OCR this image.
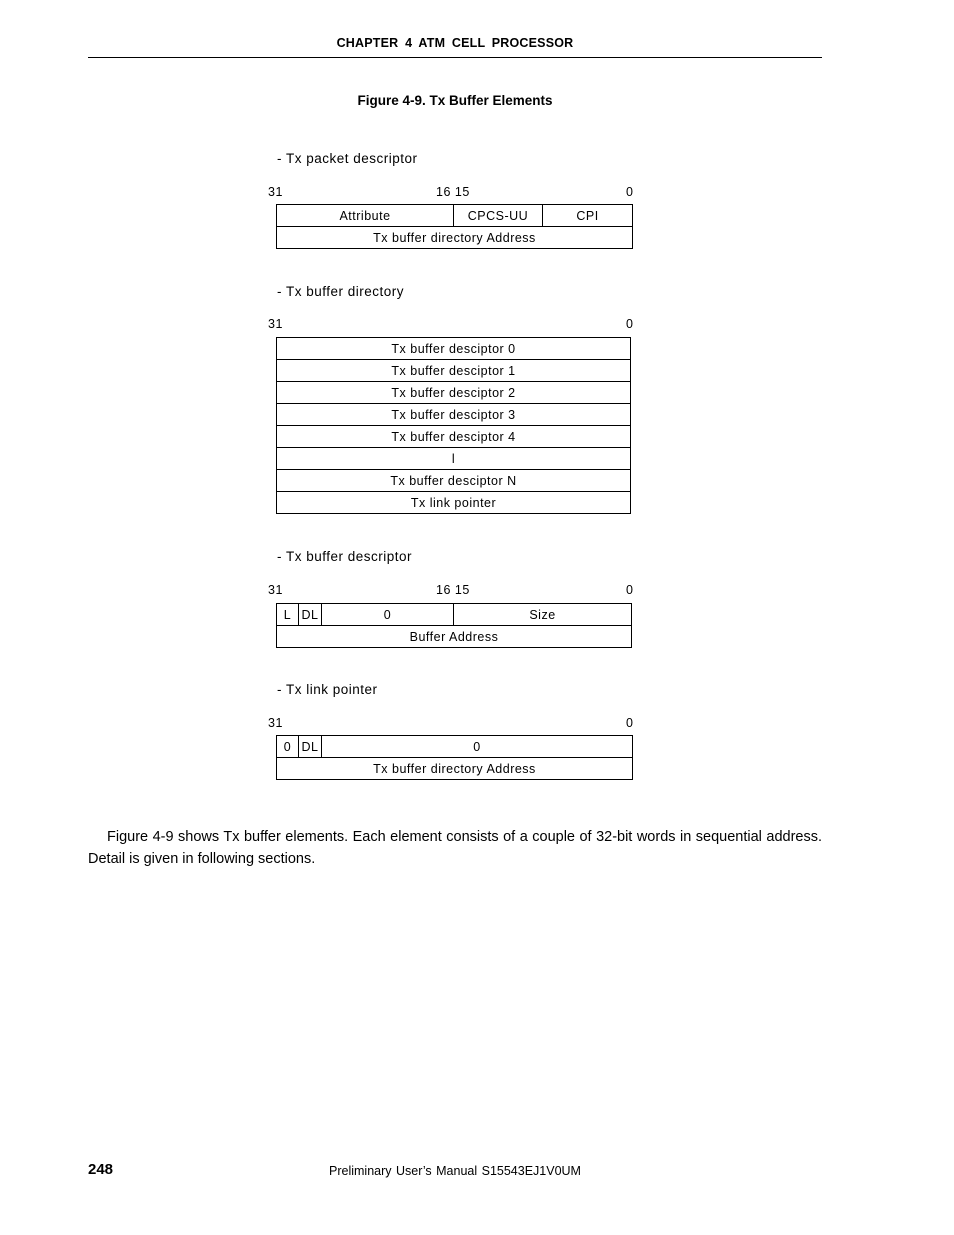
CHAPTER 4 ATM CELL PROCESSOR
Figure 4-9. Tx Buffer Elements
- Tx packet descriptor
31	16 15	0
Attribute	CPCS-UU	CPI
Tx buffer directory Address
- Tx buffer directory
31	0
Tx buffer desciptor 0
Tx buffer desciptor 1
Tx buffer desciptor 2
Tx buffer desciptor 3
Tx buffer desciptor 4
l
Tx buffer desciptor N
Tx link pointer
- Tx buffer descriptor
31	16 15	0
L	DL	0	Size
Buffer Address
- Tx link pointer
31	0
0	DL	0
Tx buffer directory Address

Figure 4-9 shows Tx buffer elements. Each element consists of a couple of 32-bit words in sequential address. Detail is given in following sections.

248	Preliminary User’s Manual S15543EJ1V0UM
